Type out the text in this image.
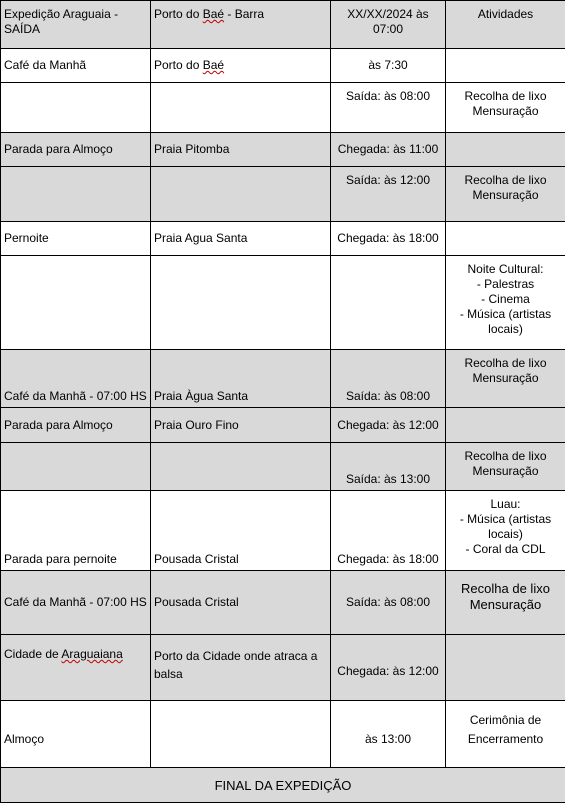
Expedição Araguaia - SAÍDA	Porto do Baé - Barra	XX/XX/2024 às 07:00	Atividades
Café da Manhã	Porto do Baé	às 7:30	
		Saída: às 08:00	Recolha de lixo
Mensuração
Parada para Almoço	Praia Pitomba	Chegada: às 11:00	
		Saída: às 12:00	Recolha de lixo
Mensuração
Pernoite	Praia Agua Santa	Chegada: às 18:00	
			Noite Cultural:
- Palestras
- Cinema
- Música (artistas
locais)
Café da Manhã - 07:00 HS	Praia Àgua Santa	Saída: às 08:00	Recolha de lixo
Mensuração
Parada para Almoço	Praia Ouro Fino	Chegada: às 12:00	
		Saída: às 13:00	Recolha de lixo
Mensuração
Parada para pernoite	Pousada Cristal	Chegada: às 18:00	Luau:
- Música (artistas
locais)
- Coral da CDL
Café da Manhã - 07:00 HS	Pousada Cristal	Saída: às 08:00	Recolha de lixo
Mensuração
Cidade de Araguaiana	Porto da Cidade onde atraca a balsa	Chegada: às 12:00	
Almoço		às 13:00	Cerimônia de
Encerramento
FINAL DA EXPEDIÇÃO			
